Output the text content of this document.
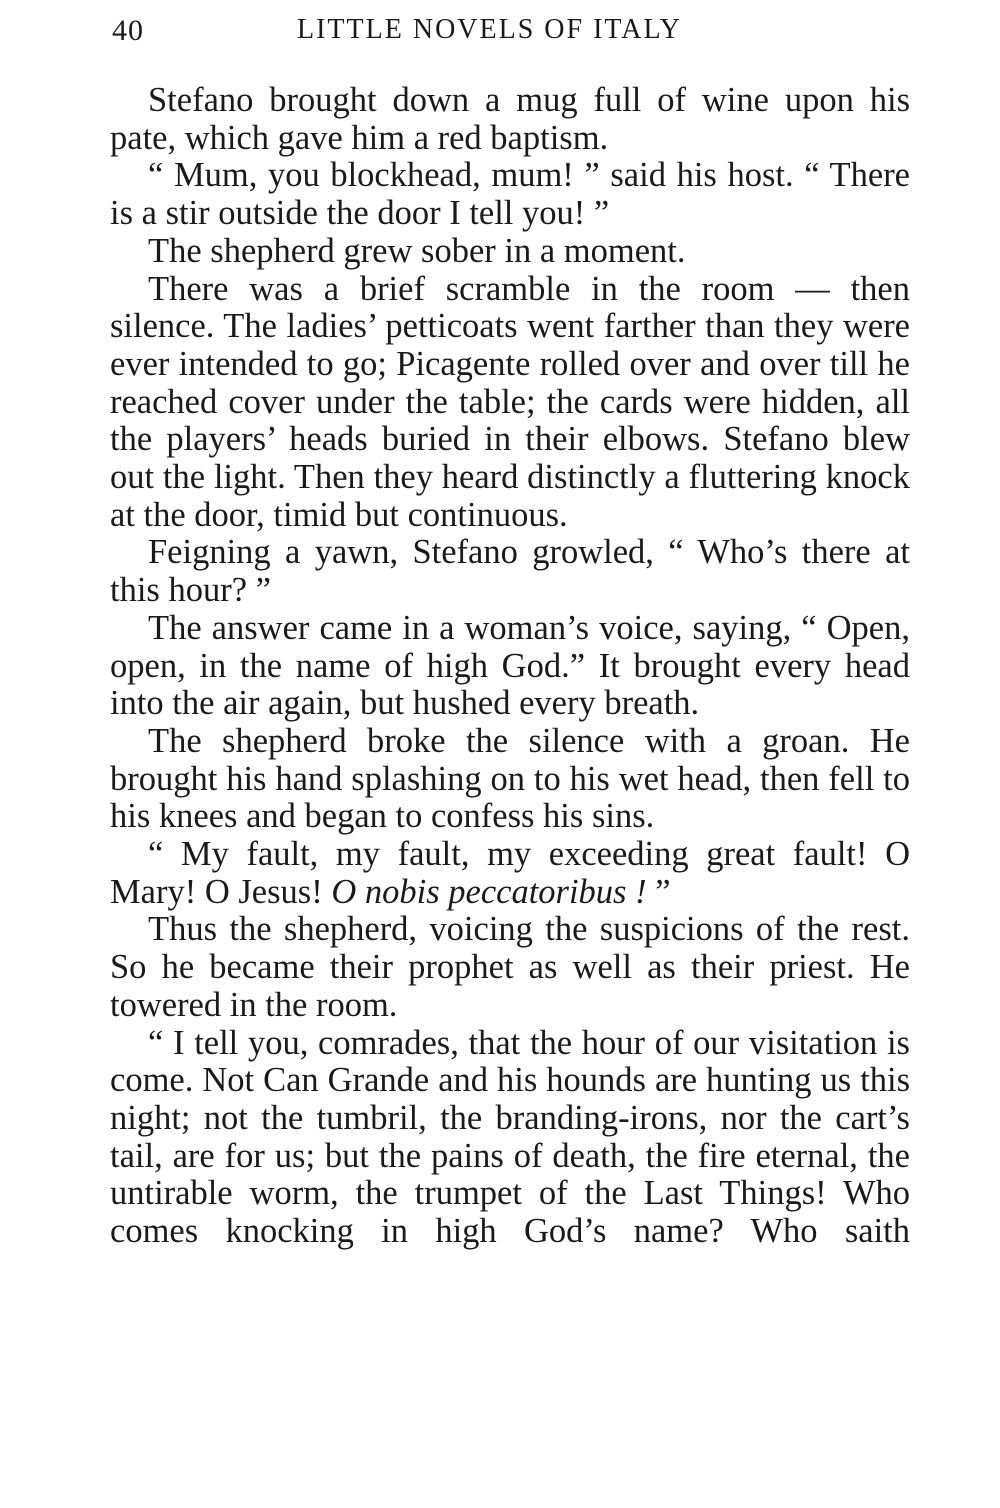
40	LITTLE NOVELS OF ITALY

Stefano brought down a mug full of wine upon his pate, which gave him a red baptism.

“ Mum, you blockhead, mum! ” said his host. “ There is a stir outside the door I tell you! ”

The shepherd grew sober in a moment.

There was a brief scramble in the room — then silence. The ladies’ petticoats went farther than they were ever intended to go; Picagente rolled over and over till he reached cover under the table; the cards were hidden, all the players’ heads buried in their elbows. Stefano blew out the light. Then they heard distinctly a fluttering knock at the door, timid but continuous.

Feigning a yawn, Stefano growled, “ Who’s there at this hour? ”

The answer came in a woman’s voice, saying, “ Open, open, in the name of high God.” It brought every head into the air again, but hushed every breath.

The shepherd broke the silence with a groan. He brought his hand splashing on to his wet head, then fell to his knees and began to confess his sins.

“ My fault, my fault, my exceeding great fault! O Mary! O Jesus! O nobis peccatoribus ! ”

Thus the shepherd, voicing the suspicions of the rest. So he became their prophet as well as their priest. He towered in the room.

“ I tell you, comrades, that the hour of our visitation is come. Not Can Grande and his hounds are hunting us this night; not the tumbril, the branding-irons, nor the cart’s tail, are for us; but the pains of death, the fire eternal, the untirable worm, the trumpet of the Last Things! Who comes knocking in high God’s name? Who saith
